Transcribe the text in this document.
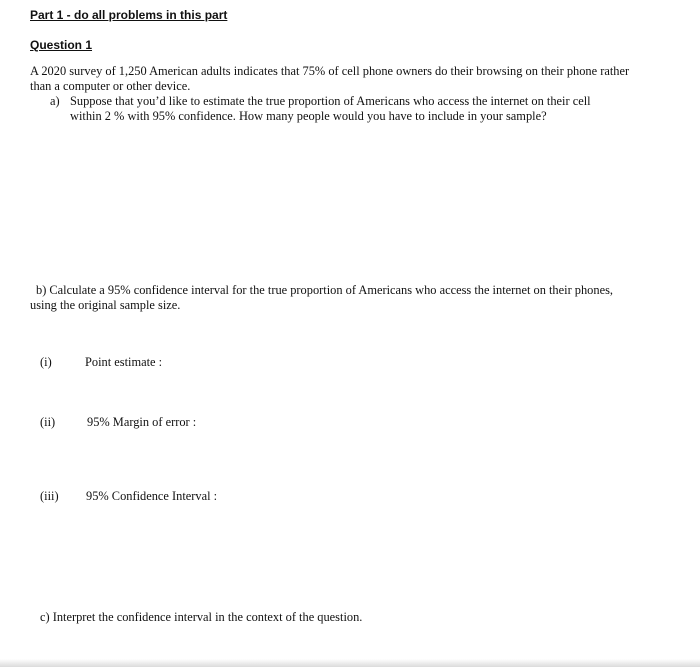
Part 1 - do all problems in this part
Question 1
A 2020 survey of 1,250 American adults indicates that 75% of cell phone owners do their browsing on their phone rather
than a computer or other device.
a) Suppose that you’d like to estimate the true proportion of Americans who access the internet on their cell
within 2 % with 95% confidence. How many people would you have to include in your sample?
b) Calculate a 95% confidence interval for the true proportion of Americans who access the internet on their phones,
using the original sample size.
(i)	Point estimate :
(ii)	95% Margin of error :
(iii) 95% Confidence Interval :
c) Interpret the confidence interval in the context of the question.
